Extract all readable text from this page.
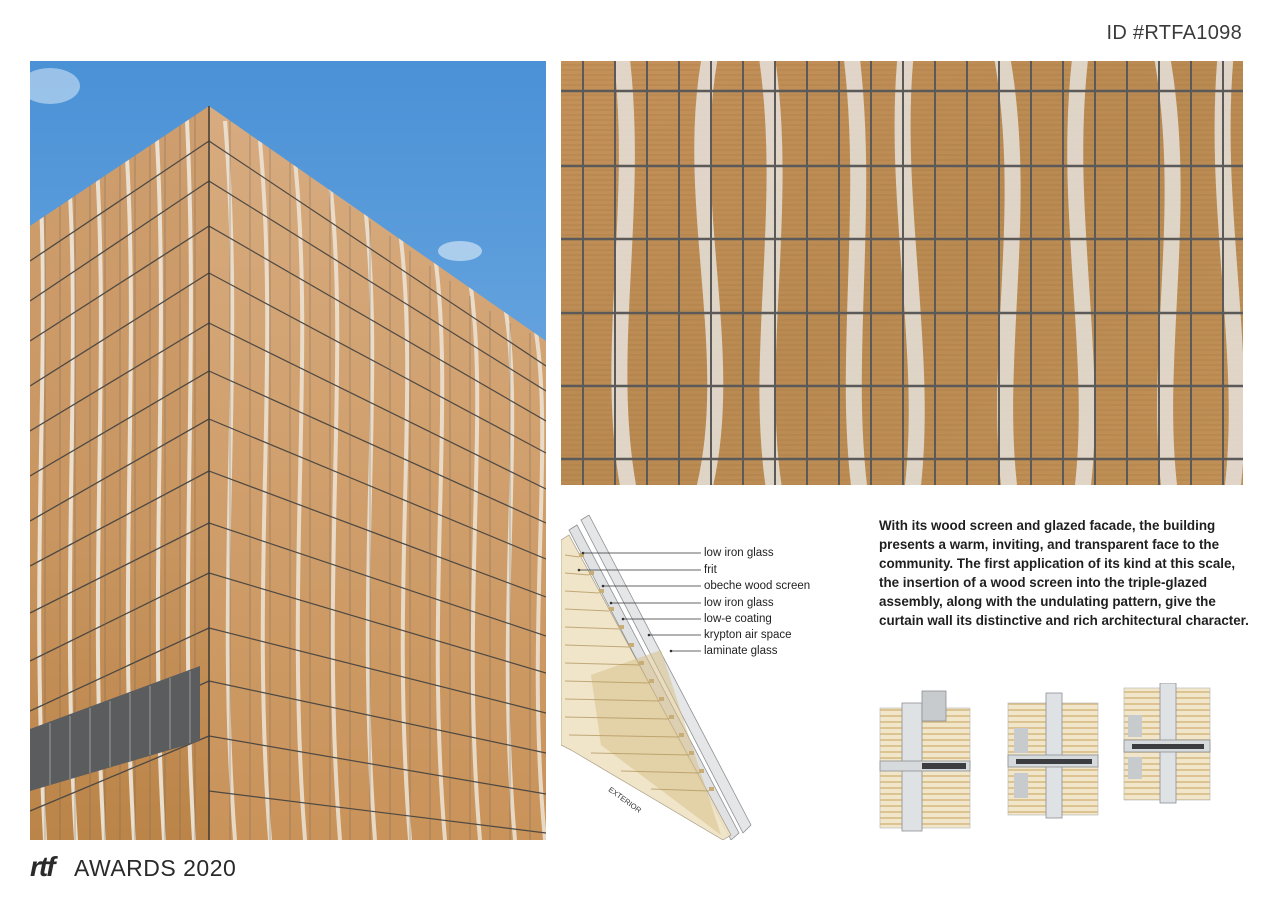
ID #RTFA1098
low iron glass
frit
obeche wood screen
low iron glass
low-e coating
krypton air space
laminate glass
EXTERIOR
With its wood screen and glazed facade, the building presents a warm, inviting, and transparent face to the community. The first application of its kind at this scale, the insertion of a wood screen into the triple-glazed assembly, along with the undulating pattern, give the curtain wall its distinctive and rich architectural character.
rtf AWARDS 2020
